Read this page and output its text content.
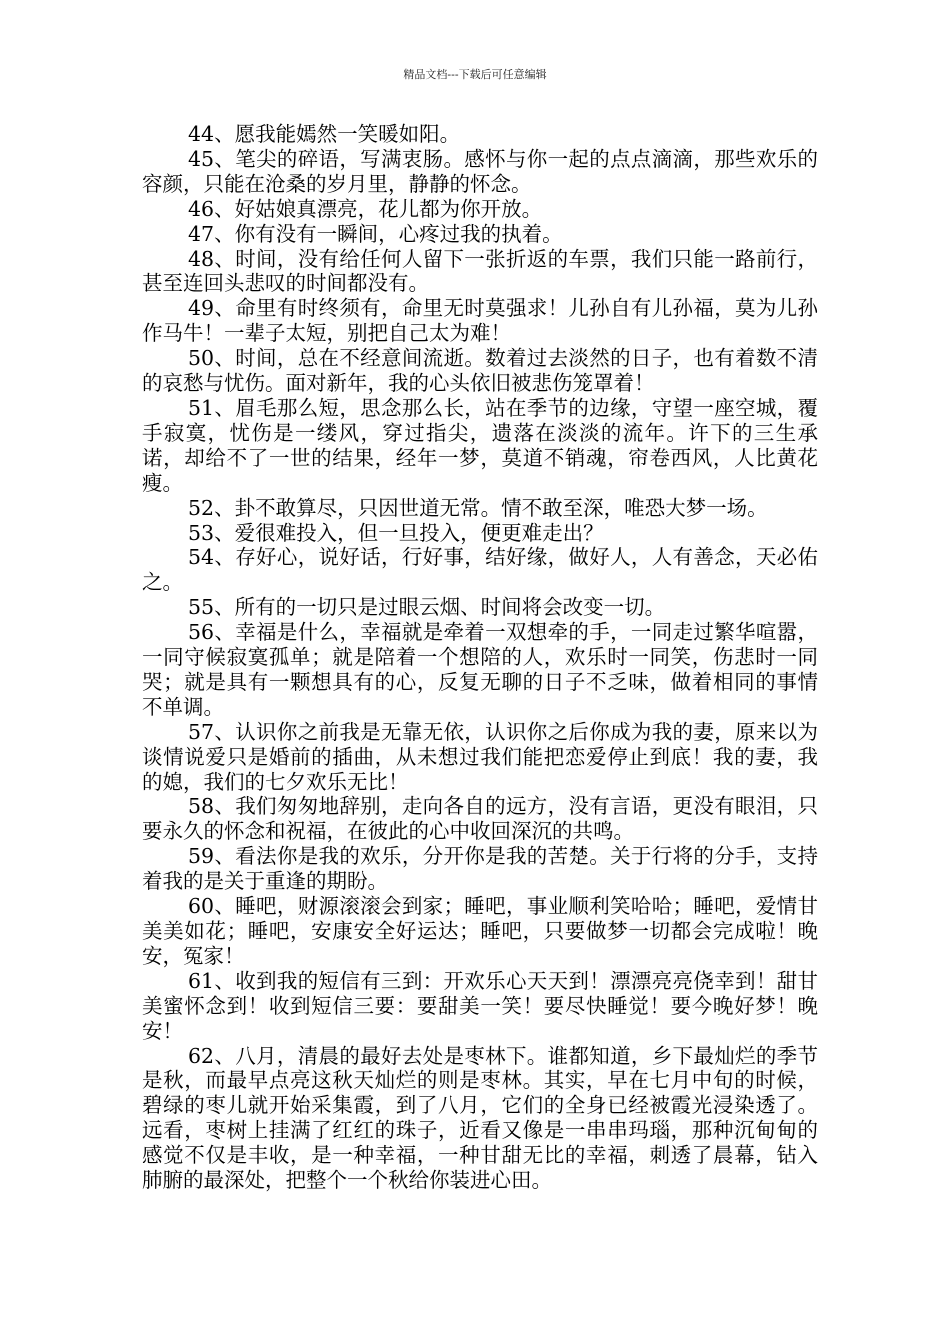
精品文档---下载后可任意编辑

44、愿我能嫣然一笑暖如阳。

45、笔尖的碎语，写满衷肠。感怀与你一起的点点滴滴，那些欢乐的容颜，只能在沧桑的岁月里，静静的怀念。

46、好姑娘真漂亮，花儿都为你开放。

47、你有没有一瞬间，心疼过我的执着。

48、时间，没有给任何人留下一张折返的车票，我们只能一路前行，甚至连回头悲叹的时间都没有。

49、命里有时终须有，命里无时莫强求！儿孙自有儿孙福，莫为儿孙作马牛！一辈子太短，别把自己太为难！

50、时间，总在不经意间流逝。数着过去淡然的日子，也有着数不清的哀愁与忧伤。面对新年，我的心头依旧被悲伤笼罩着！

51、眉毛那么短，思念那么长，站在季节的边缘，守望一座空城，覆手寂寞，忧伤是一缕风，穿过指尖，遗落在淡淡的流年。许下的三生承诺，却给不了一世的结果，经年一梦，莫道不销魂，帘卷西风，人比黄花瘦。

52、卦不敢算尽，只因世道无常。情不敢至深，唯恐大梦一场。

53、爱很难投入，但一旦投入，便更难走出？

54、存好心，说好话，行好事，结好缘，做好人，人有善念，天必佑之。

55、所有的一切只是过眼云烟、时间将会改变一切。

56、幸福是什么，幸福就是牵着一双想牵的手，一同走过繁华喧嚣，一同守候寂寞孤单；就是陪着一个想陪的人，欢乐时一同笑，伤悲时一同哭；就是具有一颗想具有的心，反复无聊的日子不乏味，做着相同的事情不单调。

57、认识你之前我是无靠无依，认识你之后你成为我的妻，原来以为谈情说爱只是婚前的插曲，从未想过我们能把恋爱停止到底！我的妻，我的媳，我们的七夕欢乐无比！

58、我们匆匆地辞别，走向各自的远方，没有言语，更没有眼泪，只要永久的怀念和祝福，在彼此的心中收回深沉的共鸣。

59、看法你是我的欢乐，分开你是我的苦楚。关于行将的分手，支持着我的是关于重逢的期盼。

60、睡吧，财源滚滚会到家；睡吧，事业顺利笑哈哈；睡吧，爱情甘美美如花；睡吧，安康安全好运达；睡吧，只要做梦一切都会完成啦！晚安，冤家！

61、收到我的短信有三到：开欢乐心天天到！漂漂亮亮侥幸到！甜甘美蜜怀念到！收到短信三要：要甜美一笑！要尽快睡觉！要今晚好梦！晚安！

62、八月，清晨的最好去处是枣林下。谁都知道，乡下最灿烂的季节是秋，而最早点亮这秋天灿烂的则是枣林。其实，早在七月中旬的时候，碧绿的枣儿就开始采集霞，到了八月，它们的全身已经被霞光浸染透了。远看，枣树上挂满了红红的珠子，近看又像是一串串玛瑙，那种沉甸甸的感觉不仅是丰收，是一种幸福，一种甘甜无比的幸福，刺透了晨幕，钻入肺腑的最深处，把整个一个秋给你装进心田。
